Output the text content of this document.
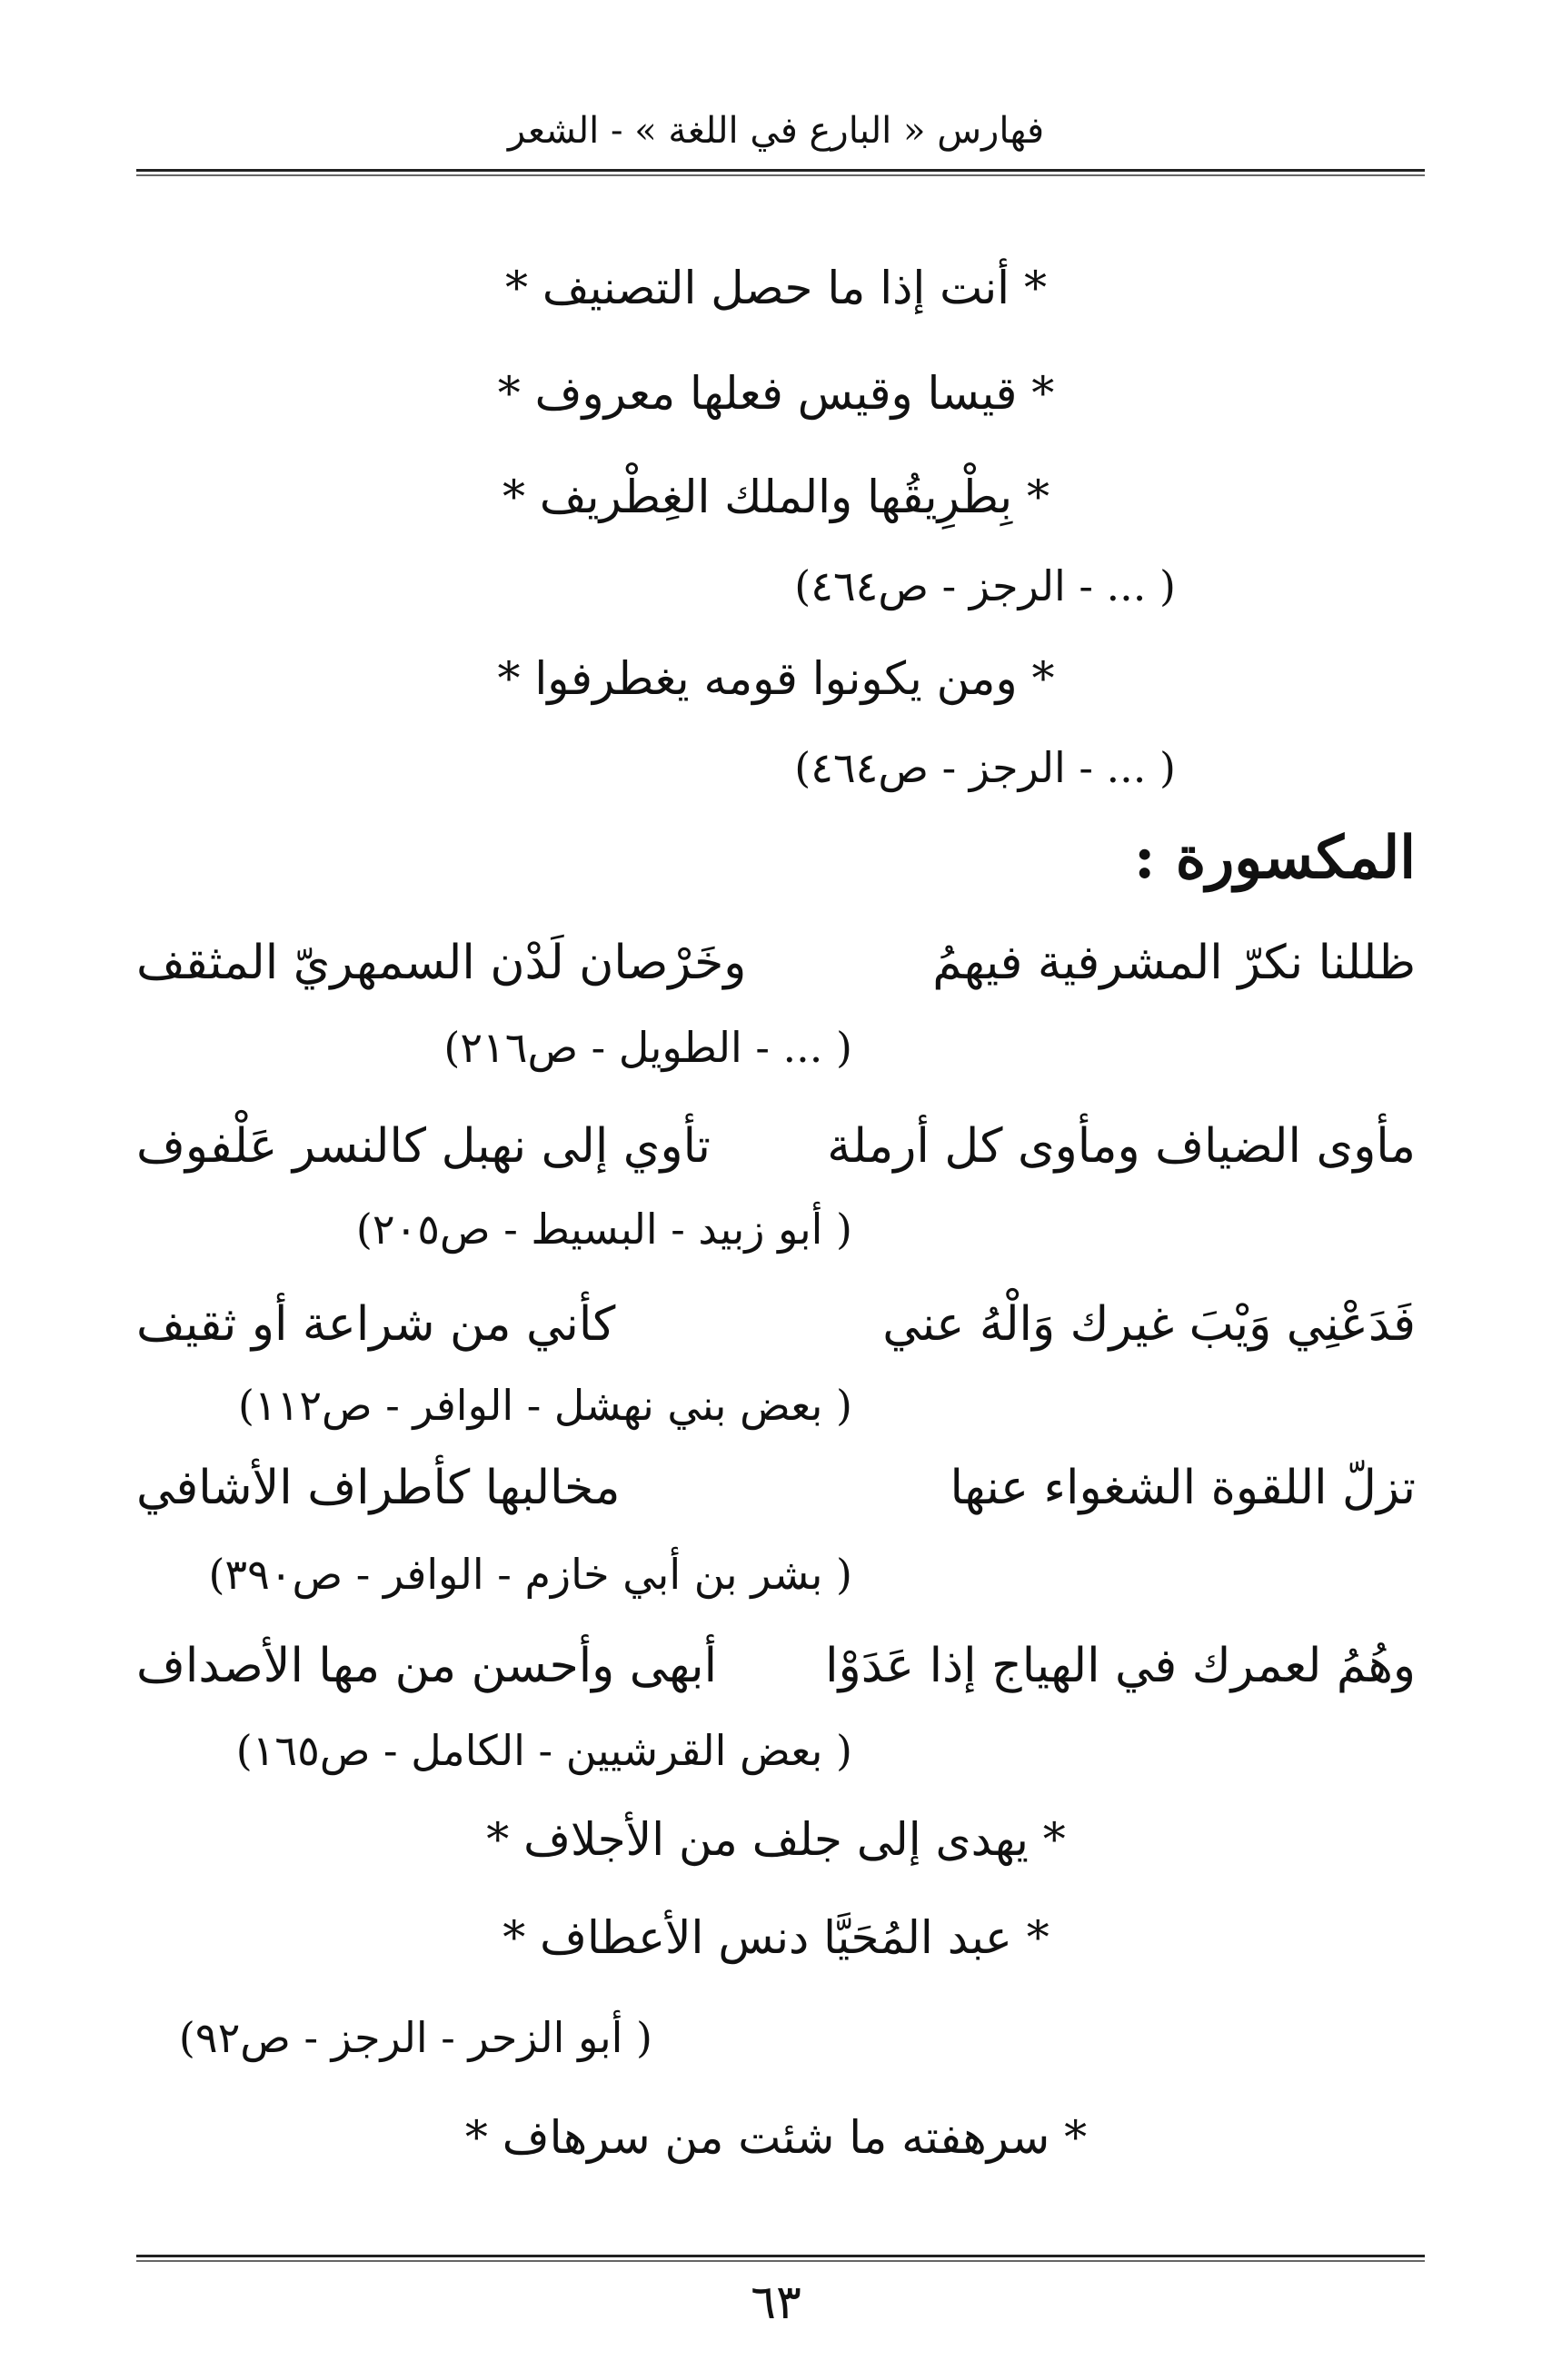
فهارس « البارع في اللغة » - الشعر
* أنت إذا ما حصل التصنيف *
* قيسا وقيس فعلها معروف *
* بِطْرِيقُها والملك الغِطْريف *
( ... - الرجز - ص٤٦٤)
* ومن يكونوا قومه يغطرفوا *
( ... - الرجز - ص٤٦٤)
المكسورة :
ظللنا نكرّ المشرفية فيهمُ
وخَرْصان لَدْن السمهريّ المثقف
( ... - الطويل - ص٢١٦)
مأوى الضياف ومأوى كل أرملة
تأوي إلى نهبل كالنسر عَلْفوف
( أبو زبيد - البسيط - ص٢٠٥)
فَدَعْنِي وَيْبَ غيرك وَالْهُ عني
كأني من شراعة أو ثقيف
( بعض بني نهشل - الوافر - ص١١٢)
تزلّ اللقوة الشغواء عنها
مخالبها كأطراف الأشافي
( بشر بن أبي خازم - الوافر - ص٣٩٠)
وهُمُ لعمرك في الهياج إذا عَدَوْا
أبهى وأحسن من مها الأصداف
( بعض القرشيين - الكامل - ص١٦٥)
* يهدى إلى جلف من الأجلاف *
* عبد المُحَيَّا دنس الأعطاف *
( أبو الزحر - الرجز - ص٩٢)
* سرهفته ما شئت من سرهاف *
٦٣
